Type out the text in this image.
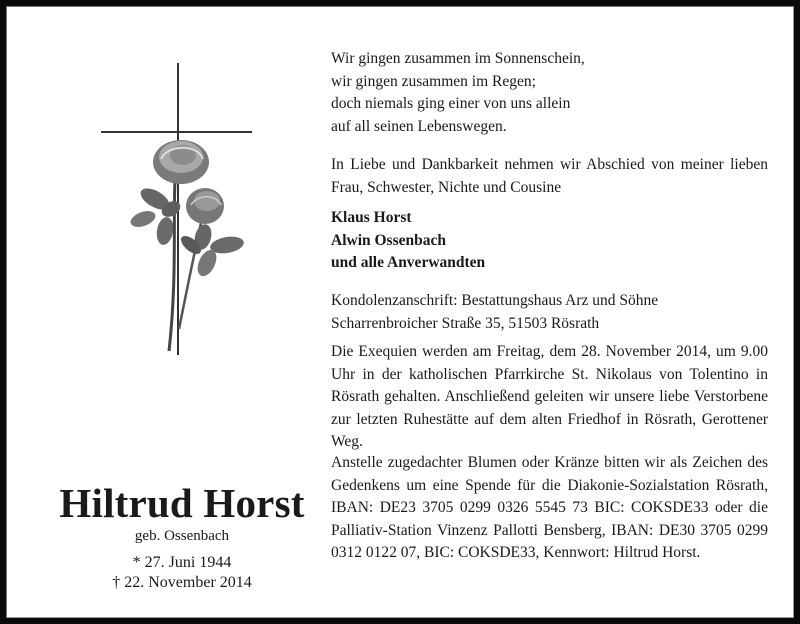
Hiltrud Horst
geb. Ossenbach
* 27. Juni 1944
† 22. November 2014

Wir gingen zusammen im Sonnenschein,

wir gingen zusammen im Regen;

doch niemals ging einer von uns allein

auf all seinen Lebenswegen.

In Liebe und Dankbarkeit nehmen wir Abschied von meiner lieben Frau, Schwester, Nichte und Cousine

Klaus Horst

Alwin Ossenbach

und alle Anverwandten

Kondolenzanschrift: Bestattungshaus Arz und Söhne

Scharrenbroicher Straße 35, 51503 Rösrath

Die Exequien werden am Freitag, dem 28. November 2014, um 9.00 Uhr in der katholischen Pfarrkirche St. Nikolaus von Tolentino in Rösrath gehalten. Anschließend geleiten wir unsere liebe Verstorbene zur letzten Ruhestätte auf dem alten Friedhof in Rösrath, Gerottener Weg.

Anstelle zugedachter Blumen oder Kränze bitten wir als Zeichen des Gedenkens um eine Spende für die Diakonie-Sozialstation Rösrath, IBAN: DE23 3705 0299 0326 5545 73 BIC: COKSDE33 oder die Palliativ-Station Vinzenz Pallotti Bensberg, IBAN: DE30 3705 0299 0312 0122 07, BIC: COKSDE33, Kennwort: Hiltrud Horst.
